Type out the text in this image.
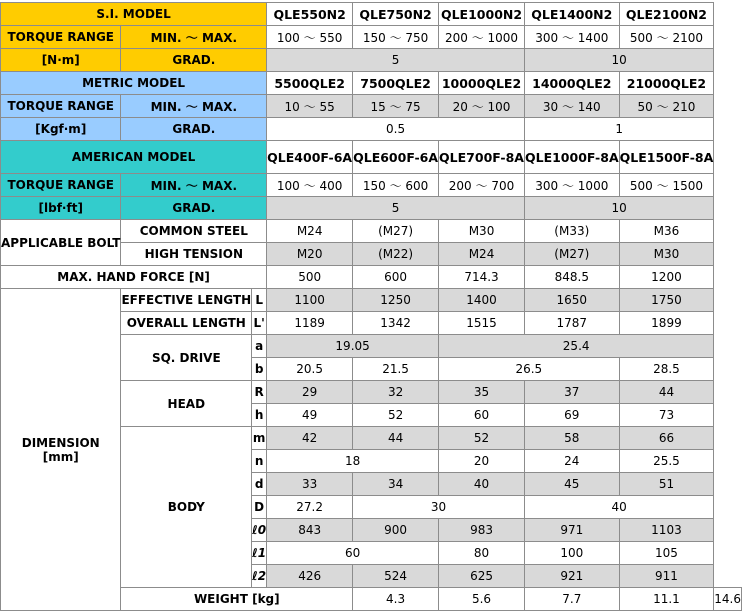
S.I. MODEL			QLE550N2	QLE750N2	QLE1000N2	QLE1400N2	QLE2100N2	
TORQUE RANGE	MIN. ～ MAX.		100 ～ 550	150 ～ 750	200 ～ 1000	300 ～ 1400	500 ～ 2100	
[N·m]	GRAD.		5			10		
METRIC MODEL			5500QLE2	7500QLE2	10000QLE2	14000QLE2	21000QLE2	
TORQUE RANGE	MIN. ～ MAX.		10 ～ 55	15 ～ 75	20 ～ 100	30 ～ 140	50 ～ 210	
[Kgf·m]	GRAD.		0.5			1		
AMERICAN MODEL			QLE400F-6A	QLE600F-6A	QLE700F-8A	QLE1000F-8A	QLE1500F-8A	
TORQUE RANGE	MIN. ～ MAX.		100 ～ 400	150 ～ 600	200 ～ 700	300 ～ 1000	500 ～ 1500	
[lbf·ft]	GRAD.		5			10		
APPLICABLE BOLT	COMMON STEEL		M24	(M27)	M30	(M33)	M36	
	HIGH TENSION		M20	(M22)	M24	(M27)	M30	
MAX. HAND FORCE [N]			500	600	714.3	848.5	1200	
DIMENSION
[mm]	EFFECTIVE LENGTH	L	1100	1250	1400	1650	1750	
	OVERALL LENGTH	L'	1189	1342	1515	1787	1899	
	SQ. DRIVE	a	19.05		25.4			
		b	20.5	21.5	26.5		28.5	
	HEAD	R	29	32	35	37	44	
		h	49	52	60	69	73	
	BODY	m	42	44	52	58	66	
		n	18		20	24	25.5	
		d	33	34	40	45	51	
		D	27.2	30		40		
		ℓ0	843	900	983	971	1103	
		ℓ1	60		80	100	105	
		ℓ2	426	524	625	921	911	
	WEIGHT [kg]			4.3	5.6	7.7	11.1	14.6
